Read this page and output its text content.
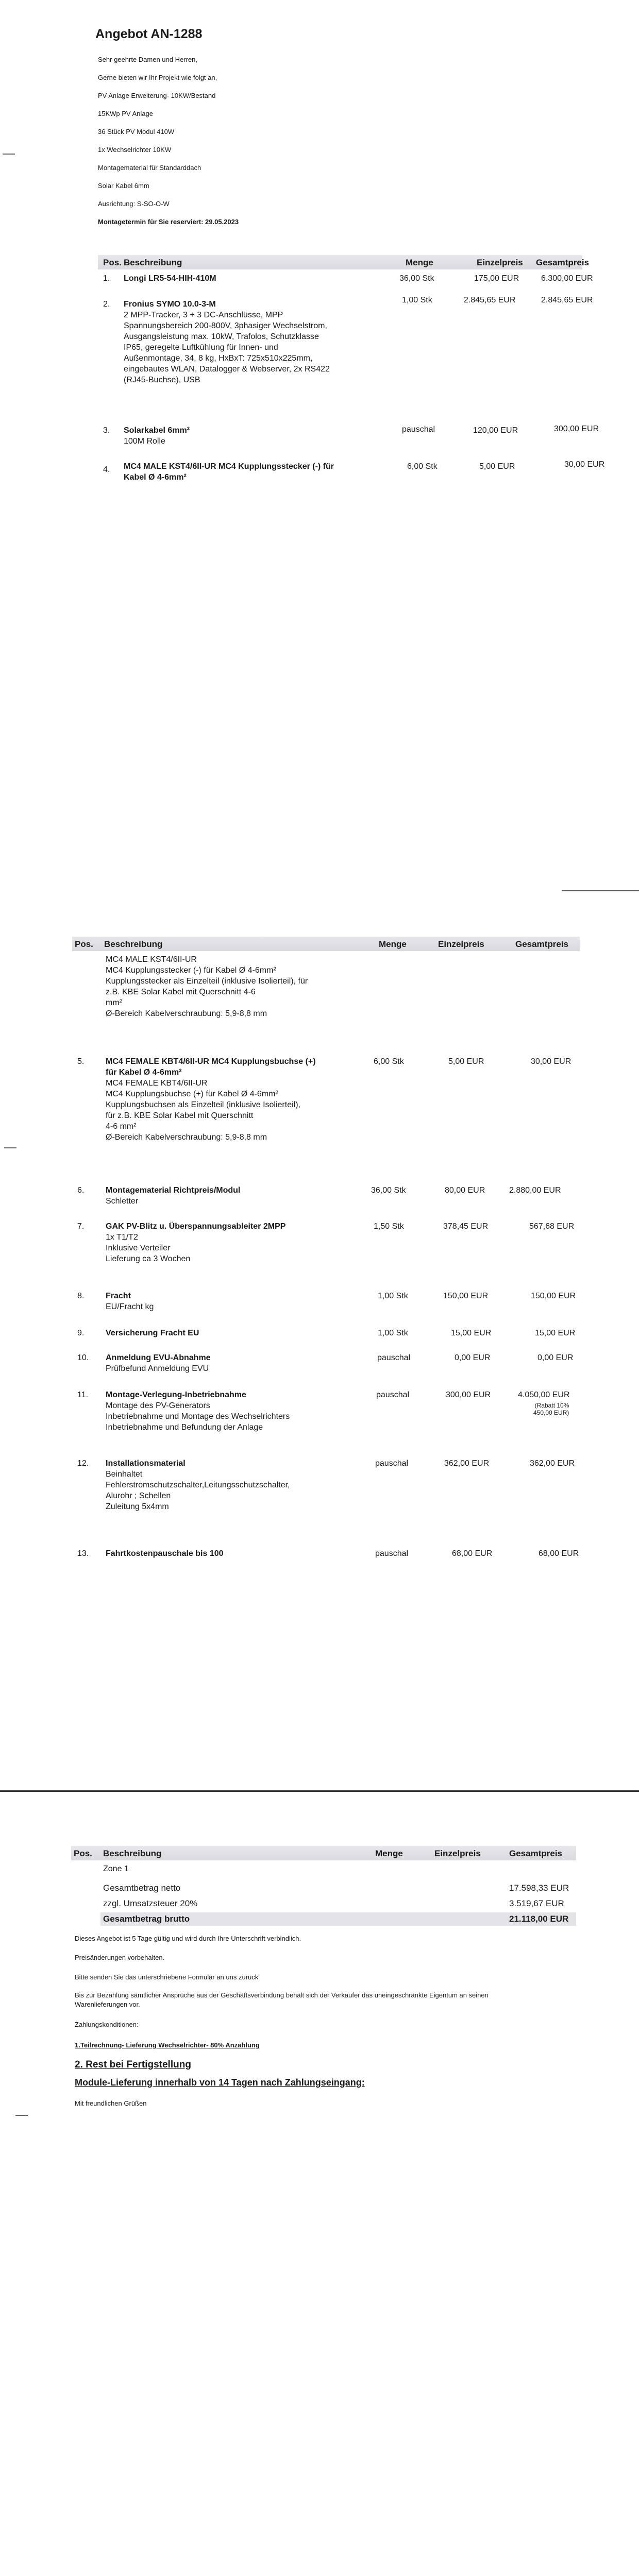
Angebot AN-1288
Sehr geehrte Damen und Herren,
Gerne bieten wir Ihr Projekt wie folgt an,
PV Anlage Erweiterung- 10KW/Bestand
15KWp PV Anlage
36 Stück PV Modul 410W
1x Wechselrichter 10KW
Montagematerial für Standarddach
Solar Kabel 6mm
Ausrichtung: S-SO-O-W
Montagetermin für Sie reserviert: 29.05.2023
Pos. Beschreibung	Menge	Einzelpreis Gesamtpreis
1. Longi LR5-54-HIH-410M	36,00 Stk	175,00 EUR	6.300,00 EUR
2. Fronius SYMO 10.0-3-M
2 MPP-Tracker, 3 + 3 DC-Anschlüsse, MPP
Spannungsbereich 200-800V, 3phasiger Wechselstrom,
Ausgangsleistung max. 10kW, Trafolos, Schutzklasse
IP65, geregelte Luftkühlung für Innen- und
Außenmontage, 34, 8 kg, HxBxT: 725x510x225mm,
eingebautes WLAN, Datalogger & Webserver, 2x RS422
(RJ45-Buchse), USB
1,00 Stk	2.845,65 EUR	2.845,65 EUR
3. Solarkabel 6mm²
100M Rolle
pauschal	120,00 EUR	300,00 EUR
4. MC4 MALE KST4/6II-UR MC4 Kupplungsstecker (-) für
Kabel Ø 4-6mm²
6,00 Stk	5,00 EUR	30,00 EUR
Pos. Beschreibung	Menge	Einzelpreis	Gesamtpreis
MC4 MALE KST4/6II-UR
MC4 Kupplungsstecker (-) für Kabel Ø 4-6mm²
Kupplungsstecker als Einzelteil (inklusive Isolierteil), für
z.B. KBE Solar Kabel mit Querschnitt 4-6
mm²
Ø-Bereich Kabelverschraubung: 5,9-8,8 mm
5.	MC4 FEMALE KBT4/6II-UR MC4 Kupplungsbuchse (+)
für Kabel Ø 4-6mm²
MC4 FEMALE KBT4/6II-UR
MC4 Kupplungsbuchse (+) für Kabel Ø 4-6mm²
Kupplungsbuchsen als Einzelteil (inklusive Isolierteil),
für z.B. KBE Solar Kabel mit Querschnitt
4-6 mm²
Ø-Bereich Kabelverschraubung: 5,9-8,8 mm
6,00 Stk	5,00 EUR	30,00 EUR
6.	Montagematerial Richtpreis/Modul
Schletter
36,00 Stk	80,00 EUR	2.880,00 EUR
7.	GAK PV-Blitz u. Überspannungsableiter 2MPP
1x T1/T2
Inklusive Verteiler
Lieferung ca 3 Wochen
1,50 Stk	378,45 EUR	567,68 EUR
8.	Fracht
EU/Fracht kg
1,00 Stk	150,00 EUR	150,00 EUR
9.	Versicherung Fracht EU	1,00 Stk	15,00 EUR	15,00 EUR
10. Anmeldung EVU-Abnahme
Prüfbefund Anmeldung EVU
pauschal	0,00 EUR	0,00 EUR
11. Montage-Verlegung-Inbetriebnahme
Montage des PV-Generators
Inbetriebnahme und Montage des Wechselrichters
Inbetriebnahme und Befundung der Anlage
pauschal	300,00 EUR	4.050,00 EUR
(Rabatt 10%
450,00 EUR)
12. Installationsmaterial
Beinhaltet
Fehlerstromschutzschalter,Leitungsschutzschalter,
Alurohr ; Schellen
Zuleitung 5x4mm
pauschal	362,00 EUR	362,00 EUR
13. Fahrtkostenpauschale bis 100	pauschal	68,00 EUR	68,00 EUR
Pos. Beschreibung	Menge	Einzelpreis	Gesamtpreis
Zone 1
Gesamtbetrag netto	17.598,33 EUR
zzgl. Umsatzsteuer 20%	3.519,67 EUR
Gesamtbetrag brutto	21.118,00 EUR
Dieses Angebot ist 5 Tage gültig und wird durch Ihre Unterschrift verbindlich.
Preisänderungen vorbehalten.
Bitte senden Sie das unterschriebene Formular an uns zurück
Bis zur Bezahlung sämtlicher Ansprüche aus der Geschäftsverbindung behält sich der Verkäufer das uneingeschränkte Eigentum an seinen
Warenlieferungen vor.
Zahlungskonditionen:
1.Teilrechnung- Lieferung Wechselrichter- 80% Anzahlung
2. Rest bei Fertigstellung
Module-Lieferung innerhalb von 14 Tagen nach Zahlungseingang:
Mit freundlichen Grüßen
